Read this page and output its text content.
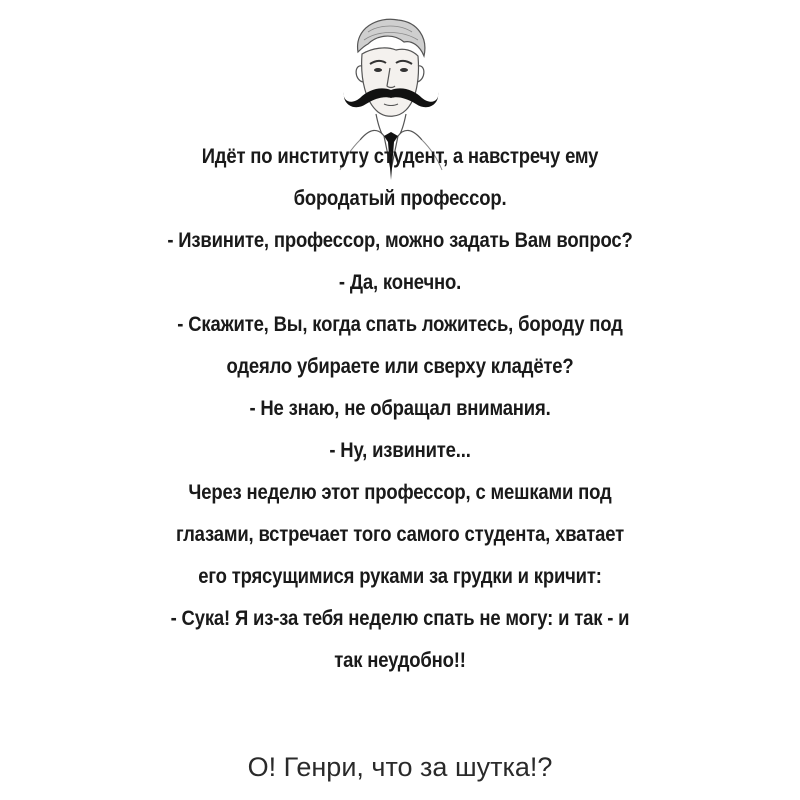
Идёт по институту студент, а навстречу ему
бородатый профессор.
- Извините, профессор, можно задать Вам вопрос?
- Да, конечно.
- Скажите, Вы, когда спать ложитесь, бороду под
одеяло убираете или сверху кладёте?
- Не знаю, не обращал внимания.
- Ну, извините...
Через неделю этот профессор, с мешками под
глазами, встречает того самого студента, хватает
его трясущимися руками за грудки и кричит:
- Сука! Я из-за тебя неделю спать не могу: и так - и
так неудобно!!
О! Генри, что за шутка!?
